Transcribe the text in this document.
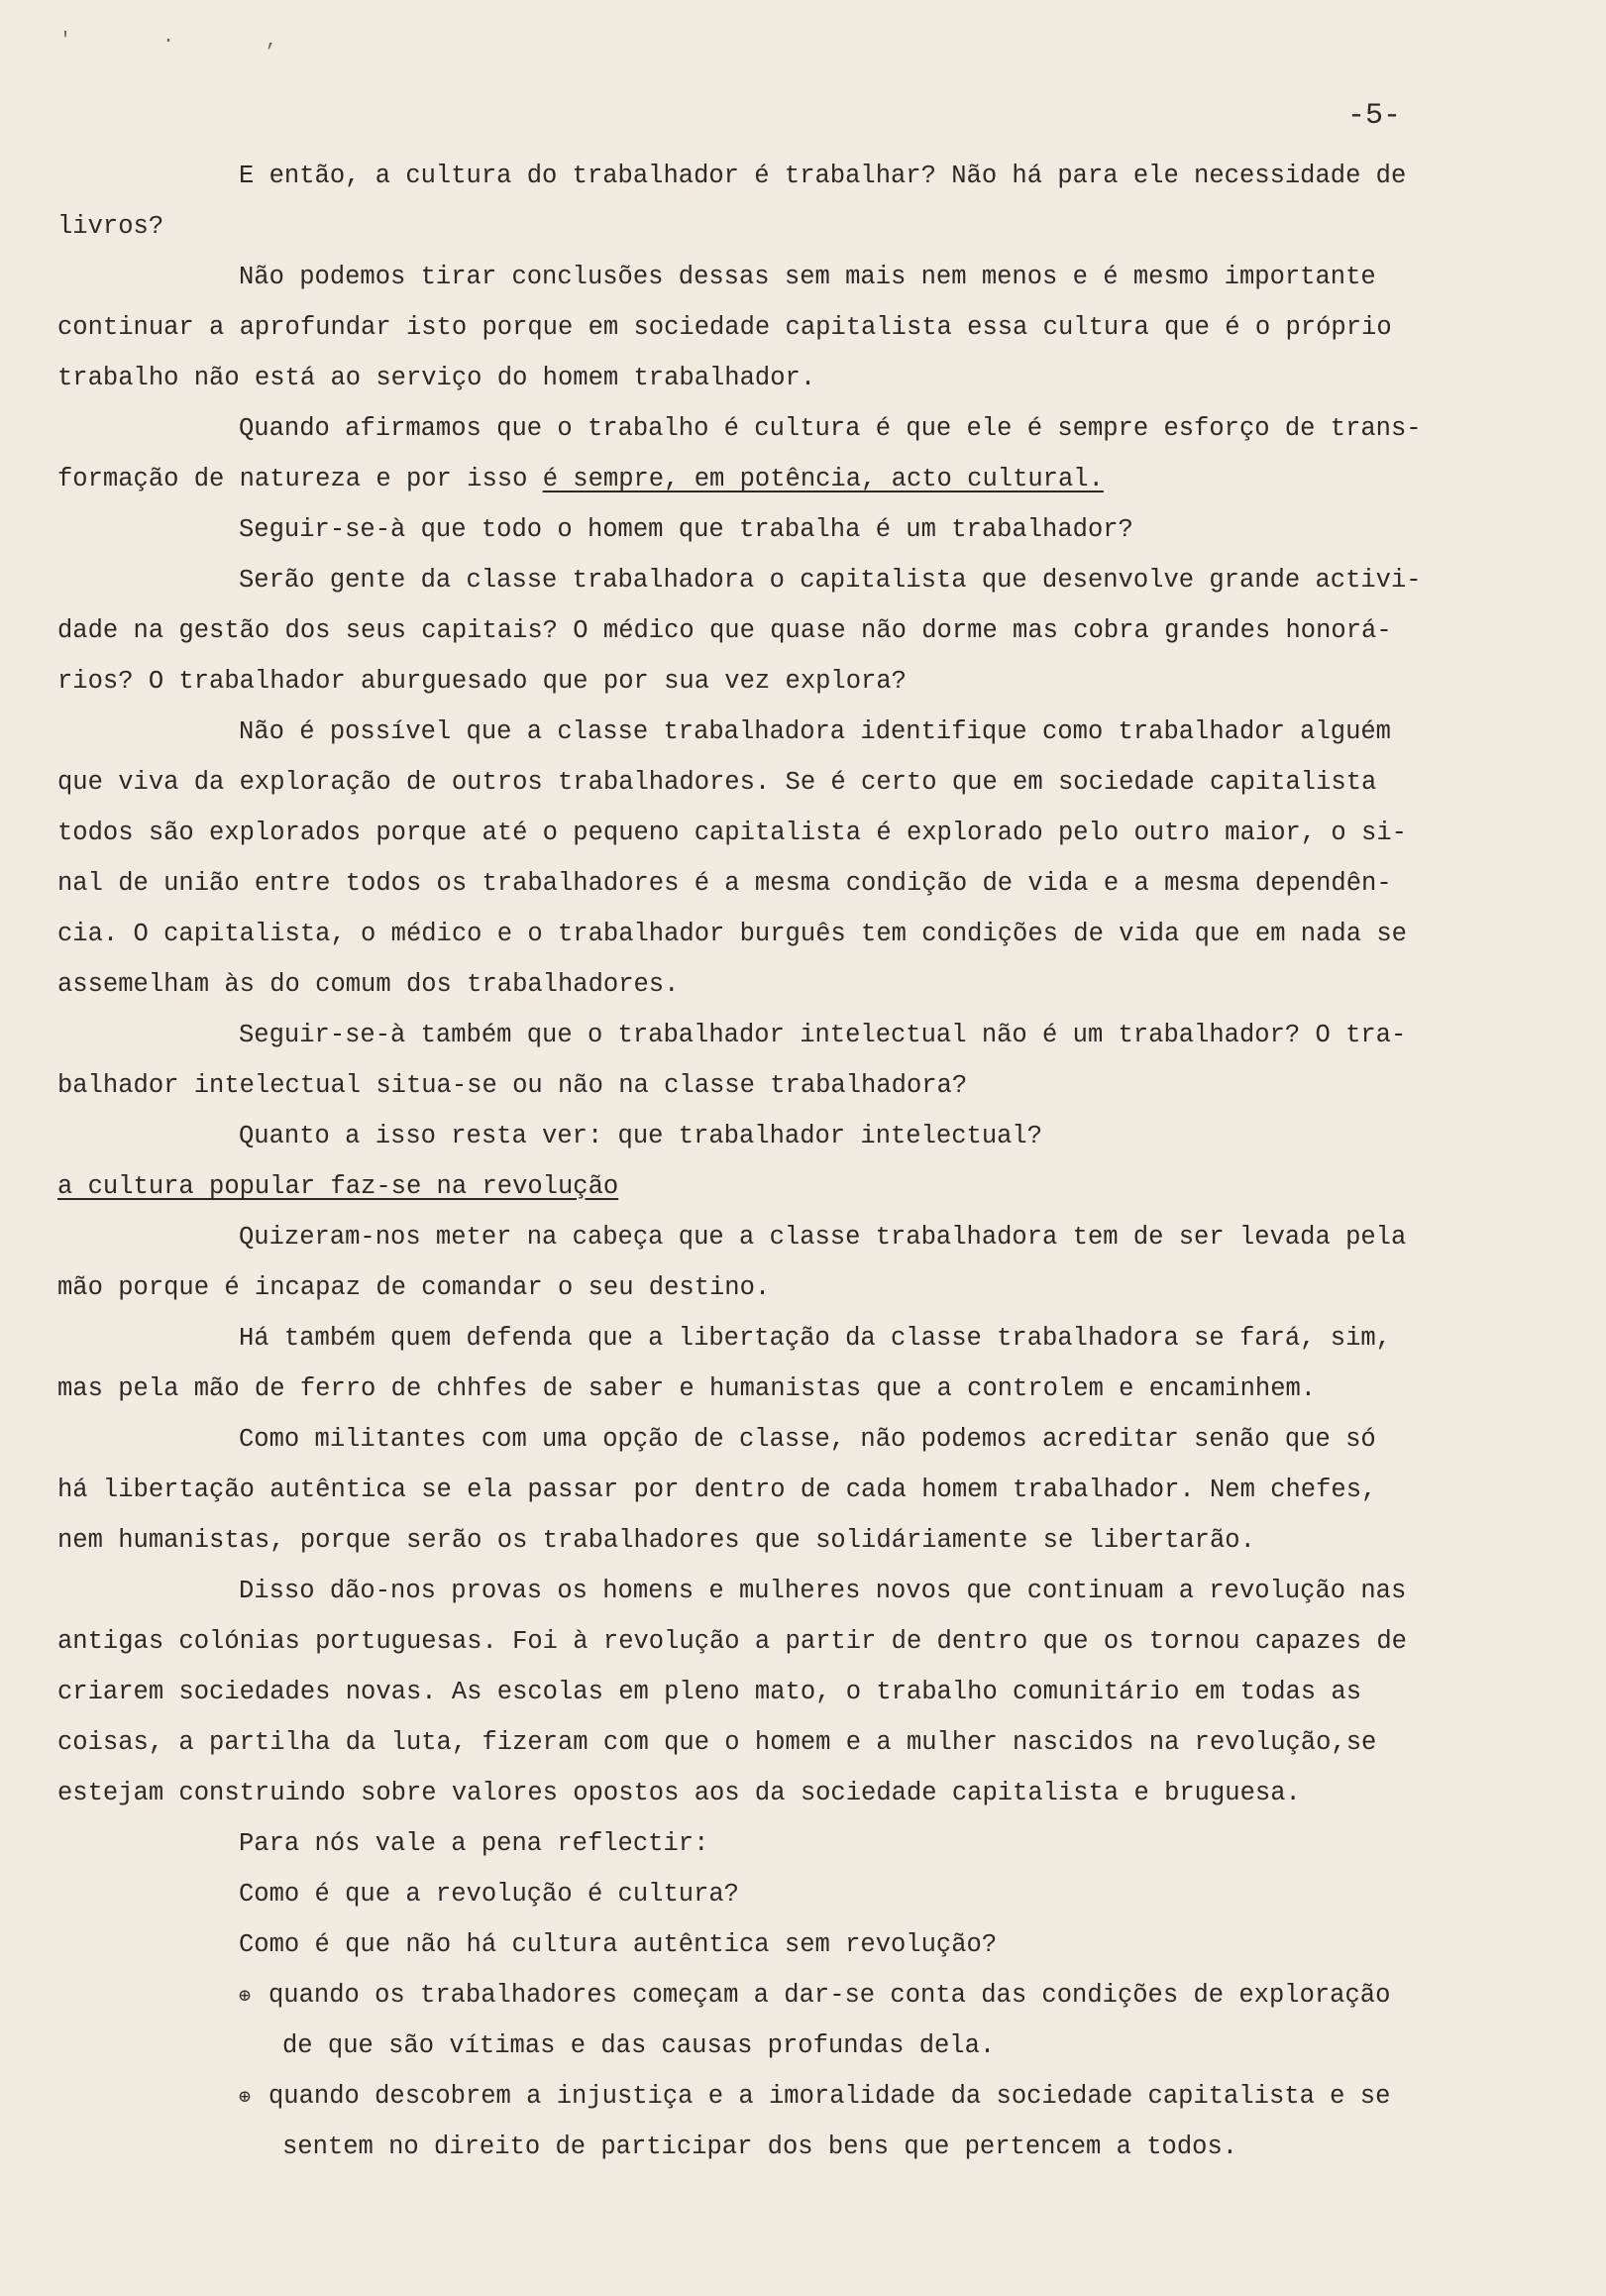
' · ,
-5-
E então, a cultura do trabalhador é trabalhar? Não há para ele necessidade de
livros?
Não podemos tirar conclusões dessas sem mais nem menos e é mesmo importante
continuar a aprofundar isto porque em sociedade capitalista essa cultura que é o próprio
trabalho não está ao serviço do homem trabalhador.
Quando afirmamos que o trabalho é cultura é que ele é sempre esforço de trans-
formação de natureza e por isso é sempre, em potência, acto cultural.
Seguir-se-à que todo o homem que trabalha é um trabalhador?
Serão gente da classe trabalhadora o capitalista que desenvolve grande activi-
dade na gestão dos seus capitais? O médico que quase não dorme mas cobra grandes honorá-
rios? O trabalhador aburguesado que por sua vez explora?
Não é possível que a classe trabalhadora identifique como trabalhador alguém
que viva da exploração de outros trabalhadores. Se é certo que em sociedade capitalista
todos são explorados porque até o pequeno capitalista é explorado pelo outro maior, o si-
nal de união entre todos os trabalhadores é a mesma condição de vida e a mesma dependên-
cia. O capitalista, o médico e o trabalhador burguês tem condições de vida que em nada se
assemelham às do comum dos trabalhadores.
Seguir-se-à também que o trabalhador intelectual não é um trabalhador? O tra-
balhador intelectual situa-se ou não na classe trabalhadora?
Quanto a isso resta ver: que trabalhador intelectual?
a cultura popular faz-se na revolução
Quizeram-nos meter na cabeça que a classe trabalhadora tem de ser levada pela
mão porque é incapaz de comandar o seu destino.
Há também quem defenda que a libertação da classe trabalhadora se fará, sim,
mas pela mão de ferro de chhfes de saber e humanistas que a controlem e encaminhem.
Como militantes com uma opção de classe, não podemos acreditar senão que só
há libertação autêntica se ela passar por dentro de cada homem trabalhador. Nem chefes,
nem humanistas, porque serão os trabalhadores que solidáriamente se libertarão.
Disso dão-nos provas os homens e mulheres novos que continuam a revolução nas
antigas colónias portuguesas. Foi à revolução a partir de dentro que os tornou capazes de
criarem sociedades novas. As escolas em pleno mato, o trabalho comunitário em todas as
coisas, a partilha da luta, fizeram com que o homem e a mulher nascidos na revolução,se
estejam construindo sobre valores opostos aos da sociedade capitalista e bruguesa.
Para nós vale a pena reflectir:
Como é que a revolução é cultura?
Como é que não há cultura autêntica sem revolução?
⊕ quando os trabalhadores começam a dar-se conta das condições de exploração
de que são vítimas e das causas profundas dela.
⊕ quando descobrem a injustiça e a imoralidade da sociedade capitalista e se
sentem no direito de participar dos bens que pertencem a todos.
